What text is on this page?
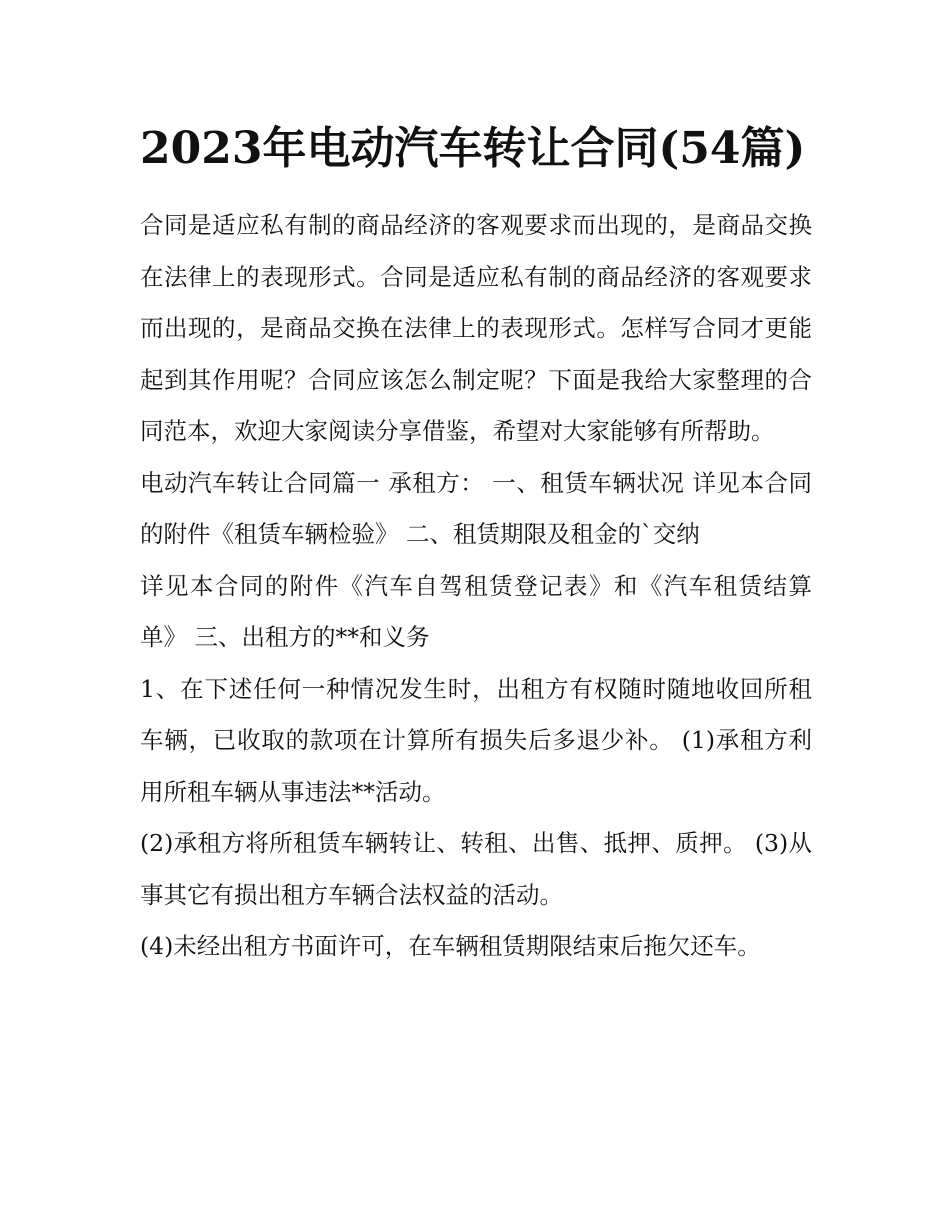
2023年电动汽车转让合同(54篇)

合同是适应私有制的商品经济的客观要求而出现的，是商品交换在法律上的表现形式。合同是适应私有制的商品经济的客观要求而出现的，是商品交换在法律上的表现形式。怎样写合同才更能起到其作用呢？合同应该怎么制定呢？下面是我给大家整理的合同范本，欢迎大家阅读分享借鉴，希望对大家能够有所帮助。

电动汽车转让合同篇一 承租方： 一、租赁车辆状况 详见本合同的附件《租赁车辆检验》 二、租赁期限及租金的`交纳

详见本合同的附件《汽车自驾租赁登记表》和《汽车租赁结算单》 三、出租方的**和义务

1、在下述任何一种情况发生时，出租方有权随时随地收回所租车辆，已收取的款项在计算所有损失后多退少补。 (1)承租方利用所租车辆从事违法**活动。

(2)承租方将所租赁车辆转让、转租、出售、抵押、质押。 (3)从事其它有损出租方车辆合法权益的活动。

(4)未经出租方书面许可，在车辆租赁期限结束后拖欠还车。
